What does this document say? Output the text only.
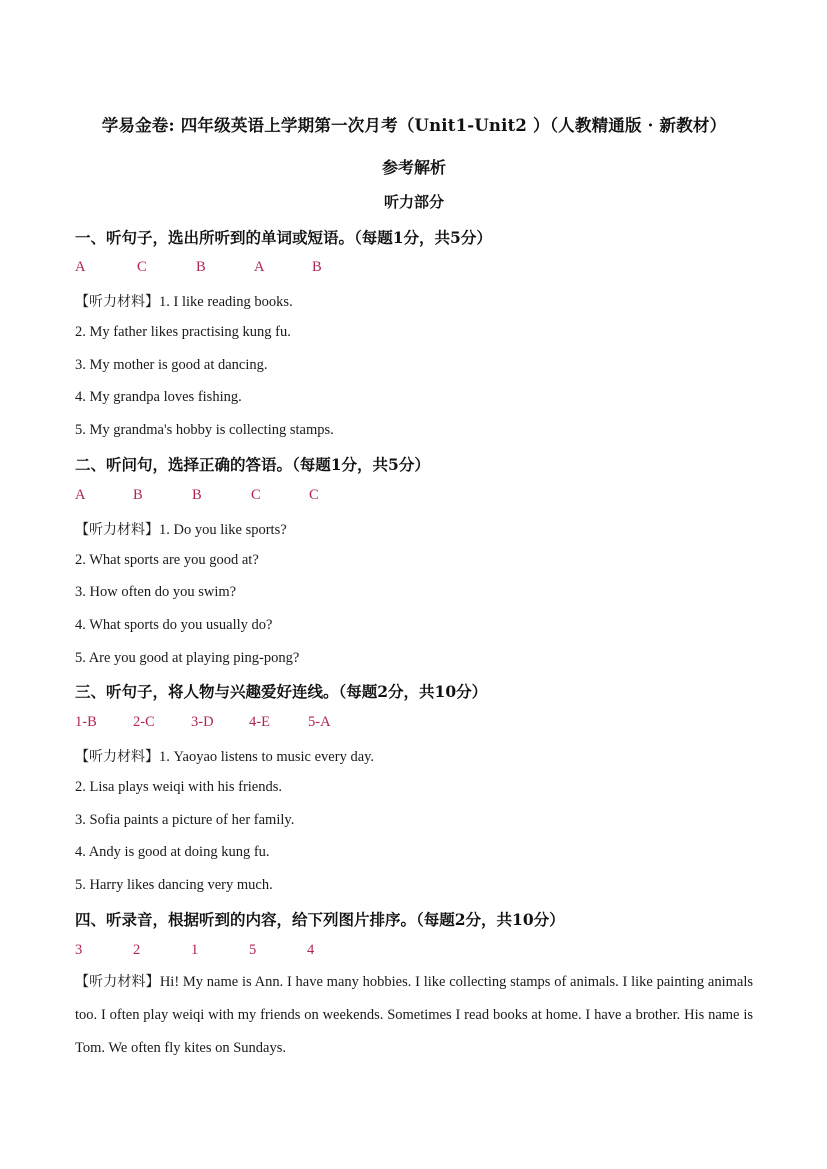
学易金卷: 四年级英语上学期第一次月考（Unit1-Unit2 ）（人教精通版 · 新教材）
参考解析
听力部分
一、听句子，选出所听到的单词或短语。（每题1分，共5分）
A	C	B	A	B
【听力材料】1. I like reading books.
2. My father likes practising kung fu.
3. My mother is good at dancing.
4. My grandpa loves fishing.
5. My grandma's hobby is collecting stamps.
二、听问句，选择正确的答语。（每题1分，共5分）
A	B	B	C	C
【听力材料】1. Do you like sports?
2. What sports are you good at?
3. How often do you swim?
4. What sports do you usually do?
5. Are you good at playing ping-pong?
三、听句子，将人物与兴趣爱好连线。（每题2分，共10分）
1-B	2-C	3-D 4-E	5-A
【听力材料】1. Yaoyao listens to music every day.
2. Lisa plays weiqi with his friends.
3. Sofia paints a picture of her family.
4. Andy is good at doing kung fu.
5. Harry likes dancing very much.
四、听录音，根据听到的内容，给下列图片排序。（每题2分，共10分）
3	2	1	5	4
【听力材料】Hi! My name is Ann. I have many hobbies. I like collecting stamps of animals. I like painting animals too. I often play weiqi with my friends on weekends. Sometimes I read books at home. I have a brother. His name is Tom. We often fly kites on Sundays.
